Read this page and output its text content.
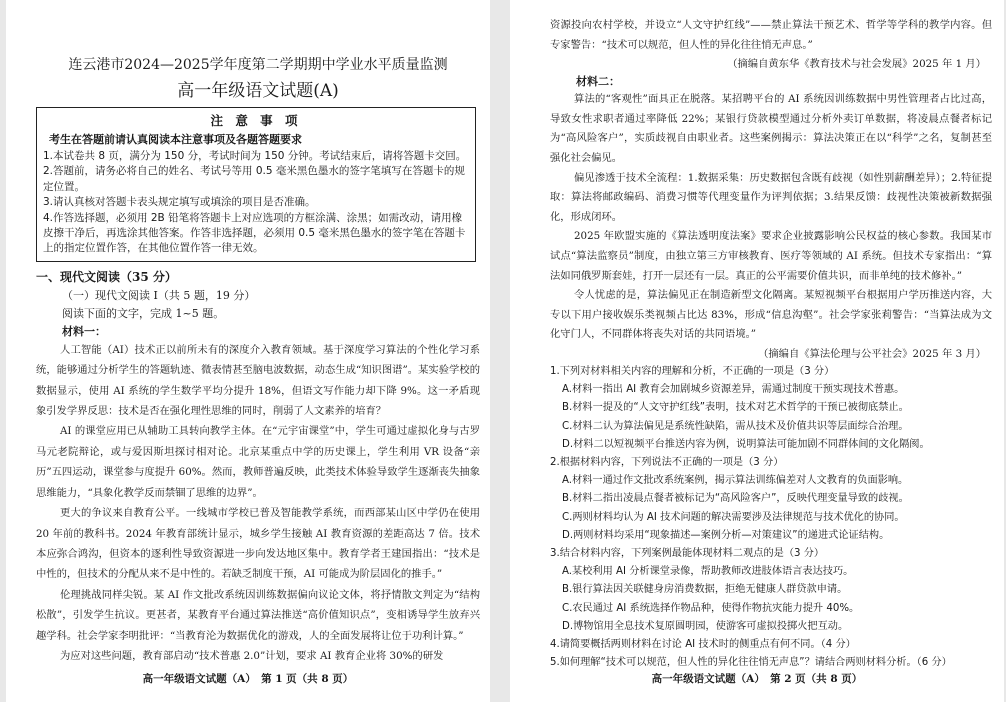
连云港市2024—2025学年度第二学期期中学业水平质量监测
高一年级语文试题(A)
注 意 事 项
考生在答题前请认真阅读本注意事项及各题答题要求

1.本试卷共 8 页，满分为 150 分，考试时间为 150 分钟。考试结束后，请将答题卡交回。

2.答题前，请务必将自己的姓名、考试号等用 0.5 毫米黑色墨水的签字笔填写在答题卡的规定位置。

3.请认真核对答题卡表头规定填写或填涂的项目是否准确。

4.作答选择题，必须用 2B 铅笔将答题卡上对应选项的方框涂满、涂黑；如需改动，请用橡皮擦干净后，再选涂其他答案。作答非选择题，必须用 0.5 毫米黑色墨水的签字笔在答题卡上的指定位置作答，在其他位置作答一律无效。

一、现代文阅读（35 分）
（一）现代文阅读 I（共 5 题，19 分）
阅读下面的文字，完成 1~5 题。
材料一：

人工智能（AI）技术正以前所未有的深度介入教育领域。基于深度学习算法的个性化学习系统，能够通过分析学生的答题轨迹、微表情甚至脑电波数据，动态生成“知识图谱”。某实验学校的数据显示，使用 AI 系统的学生数学平均分提升 18%，但语文写作能力却下降 9%。这一矛盾现象引发学界反思：技术是否在强化理性思维的同时，削弱了人文素养的培育？

AI 的课堂应用已从辅助工具转向教学主体。在“元宇宙课堂”中，学生可通过虚拟化身与古罗马元老院辩论，或与爱因斯坦探讨相对论。北京某重点中学的历史课上，学生利用 VR 设备“亲历”五四运动，课堂参与度提升 60%。然而，教师普遍反映，此类技术体验导致学生逐渐丧失抽象思维能力，“具象化教学反而禁锢了思维的边界”。

更大的争议来自教育公平。一线城市学校已普及智能教学系统，而西部某山区中学仍在使用 20 年前的教科书。2024 年教育部统计显示，城乡学生接触 AI 教育资源的差距高达 7 倍。技术本应弥合鸿沟，但资本的逐利性导致资源进一步向发达地区集中。教育学者王建国指出：“技术是中性的，但技术的分配从来不是中性的。若缺乏制度干预，AI 可能成为阶层固化的推手。”

伦理挑战同样尖锐。某 AI 作文批改系统因训练数据偏向议论文体，将抒情散文判定为“结构松散”，引发学生抗议。更甚者，某教育平台通过算法推送“高价值知识点”，变相诱导学生放弃兴趣学科。社会学家李明批评：“当教育沦为数据优化的游戏，人的全面发展将让位于功利计算。”

为应对这些问题，教育部启动“技术普惠 2.0”计划，要求 AI 教育企业将 30%的研发

高一年级语文试题（A）　第 1 页（共 8 页）

资源投向农村学校，并设立“人文守护红线”——禁止算法干预艺术、哲学等学科的教学内容。但专家警告：“技术可以规范，但人性的异化往往悄无声息。”

（摘编自黄东华《教育技术与社会发展》2025 年 1 月）
材料二：

算法的“客观性”面具正在脱落。某招聘平台的 AI 系统因训练数据中男性管理者占比过高，导致女性求职者通过率降低 22%；某银行贷款模型通过分析外卖订单数据，将凌晨点餐者标记为“高风险客户”，实质歧视自由职业者。这些案例揭示：算法决策正在以“科学”之名，复制甚至强化社会偏见。

偏见渗透于技术全流程：1.数据采集：历史数据包含既有歧视（如性别薪酬差异）；2.特征提取：算法将邮政编码、消费习惯等代理变量作为评判依据；3.结果反馈：歧视性决策被新数据强化，形成闭环。

2025 年欧盟实施的《算法透明度法案》要求企业披露影响公民权益的核心参数。我国某市试点“算法监察员”制度，由独立第三方审核教育、医疗等领域的 AI 系统。但技术专家指出：“算法如同俄罗斯套娃，打开一层还有一层。真正的公平需要价值共识，而非单纯的技术修补。”

令人忧虑的是，算法偏见正在制造新型文化隔离。某短视频平台根据用户学历推送内容，大专以下用户接收娱乐类视频占比达 83%，形成“信息沟壑”。社会学家张莉警告：“当算法成为文化守门人，不同群体将丧失对话的共同语境。”

（摘编自《算法伦理与公平社会》2025 年 3 月）

1.下列对材料相关内容的理解和分析，不正确的一项是（3 分）

A.材料一指出 AI 教育会加剧城乡资源差异，需通过制度干预实现技术普惠。

B.材料一提及的“人文守护红线”表明，技术对艺术哲学的干预已被彻底禁止。

C.材料二认为算法偏见是系统性缺陷，需从技术及价值共识等层面综合治理。

D.材料二以短视频平台推送内容为例，说明算法可能加剧不同群体间的文化隔阂。

2.根据材料内容，下列说法不正确的一项是（3 分）

A.材料一通过作文批改系统案例，揭示算法训练偏差对人文教育的负面影响。

B.材料二指出凌晨点餐者被标记为“高风险客户”，反映代理变量导致的歧视。

C.两则材料均认为 AI 技术问题的解决需要涉及法律规范与技术优化的协同。

D.两则材料均采用“现象描述—案例分析—对策建议”的递进式论证结构。

3.结合材料内容，下列案例最能体现材料二观点的是（3 分）

A.某校利用 AI 分析课堂录像，帮助教师改进肢体语言表达技巧。

B.银行算法因关联健身房消费数据，拒绝无健康人群贷款申请。

C.农民通过 AI 系统选择作物品种，使得作物抗灾能力提升 40%。

D.博物馆用全息技术复原圆明园，使游客可虚拟投掷火把互动。

4.请简要概括两则材料在讨论 AI 技术时的侧重点有何不同。（4 分）

5.如何理解“技术可以规范，但人性的异化往往悄无声息”？请结合两则材料分析。（6 分）

高一年级语文试题（A）　第 2 页（共 8 页）
